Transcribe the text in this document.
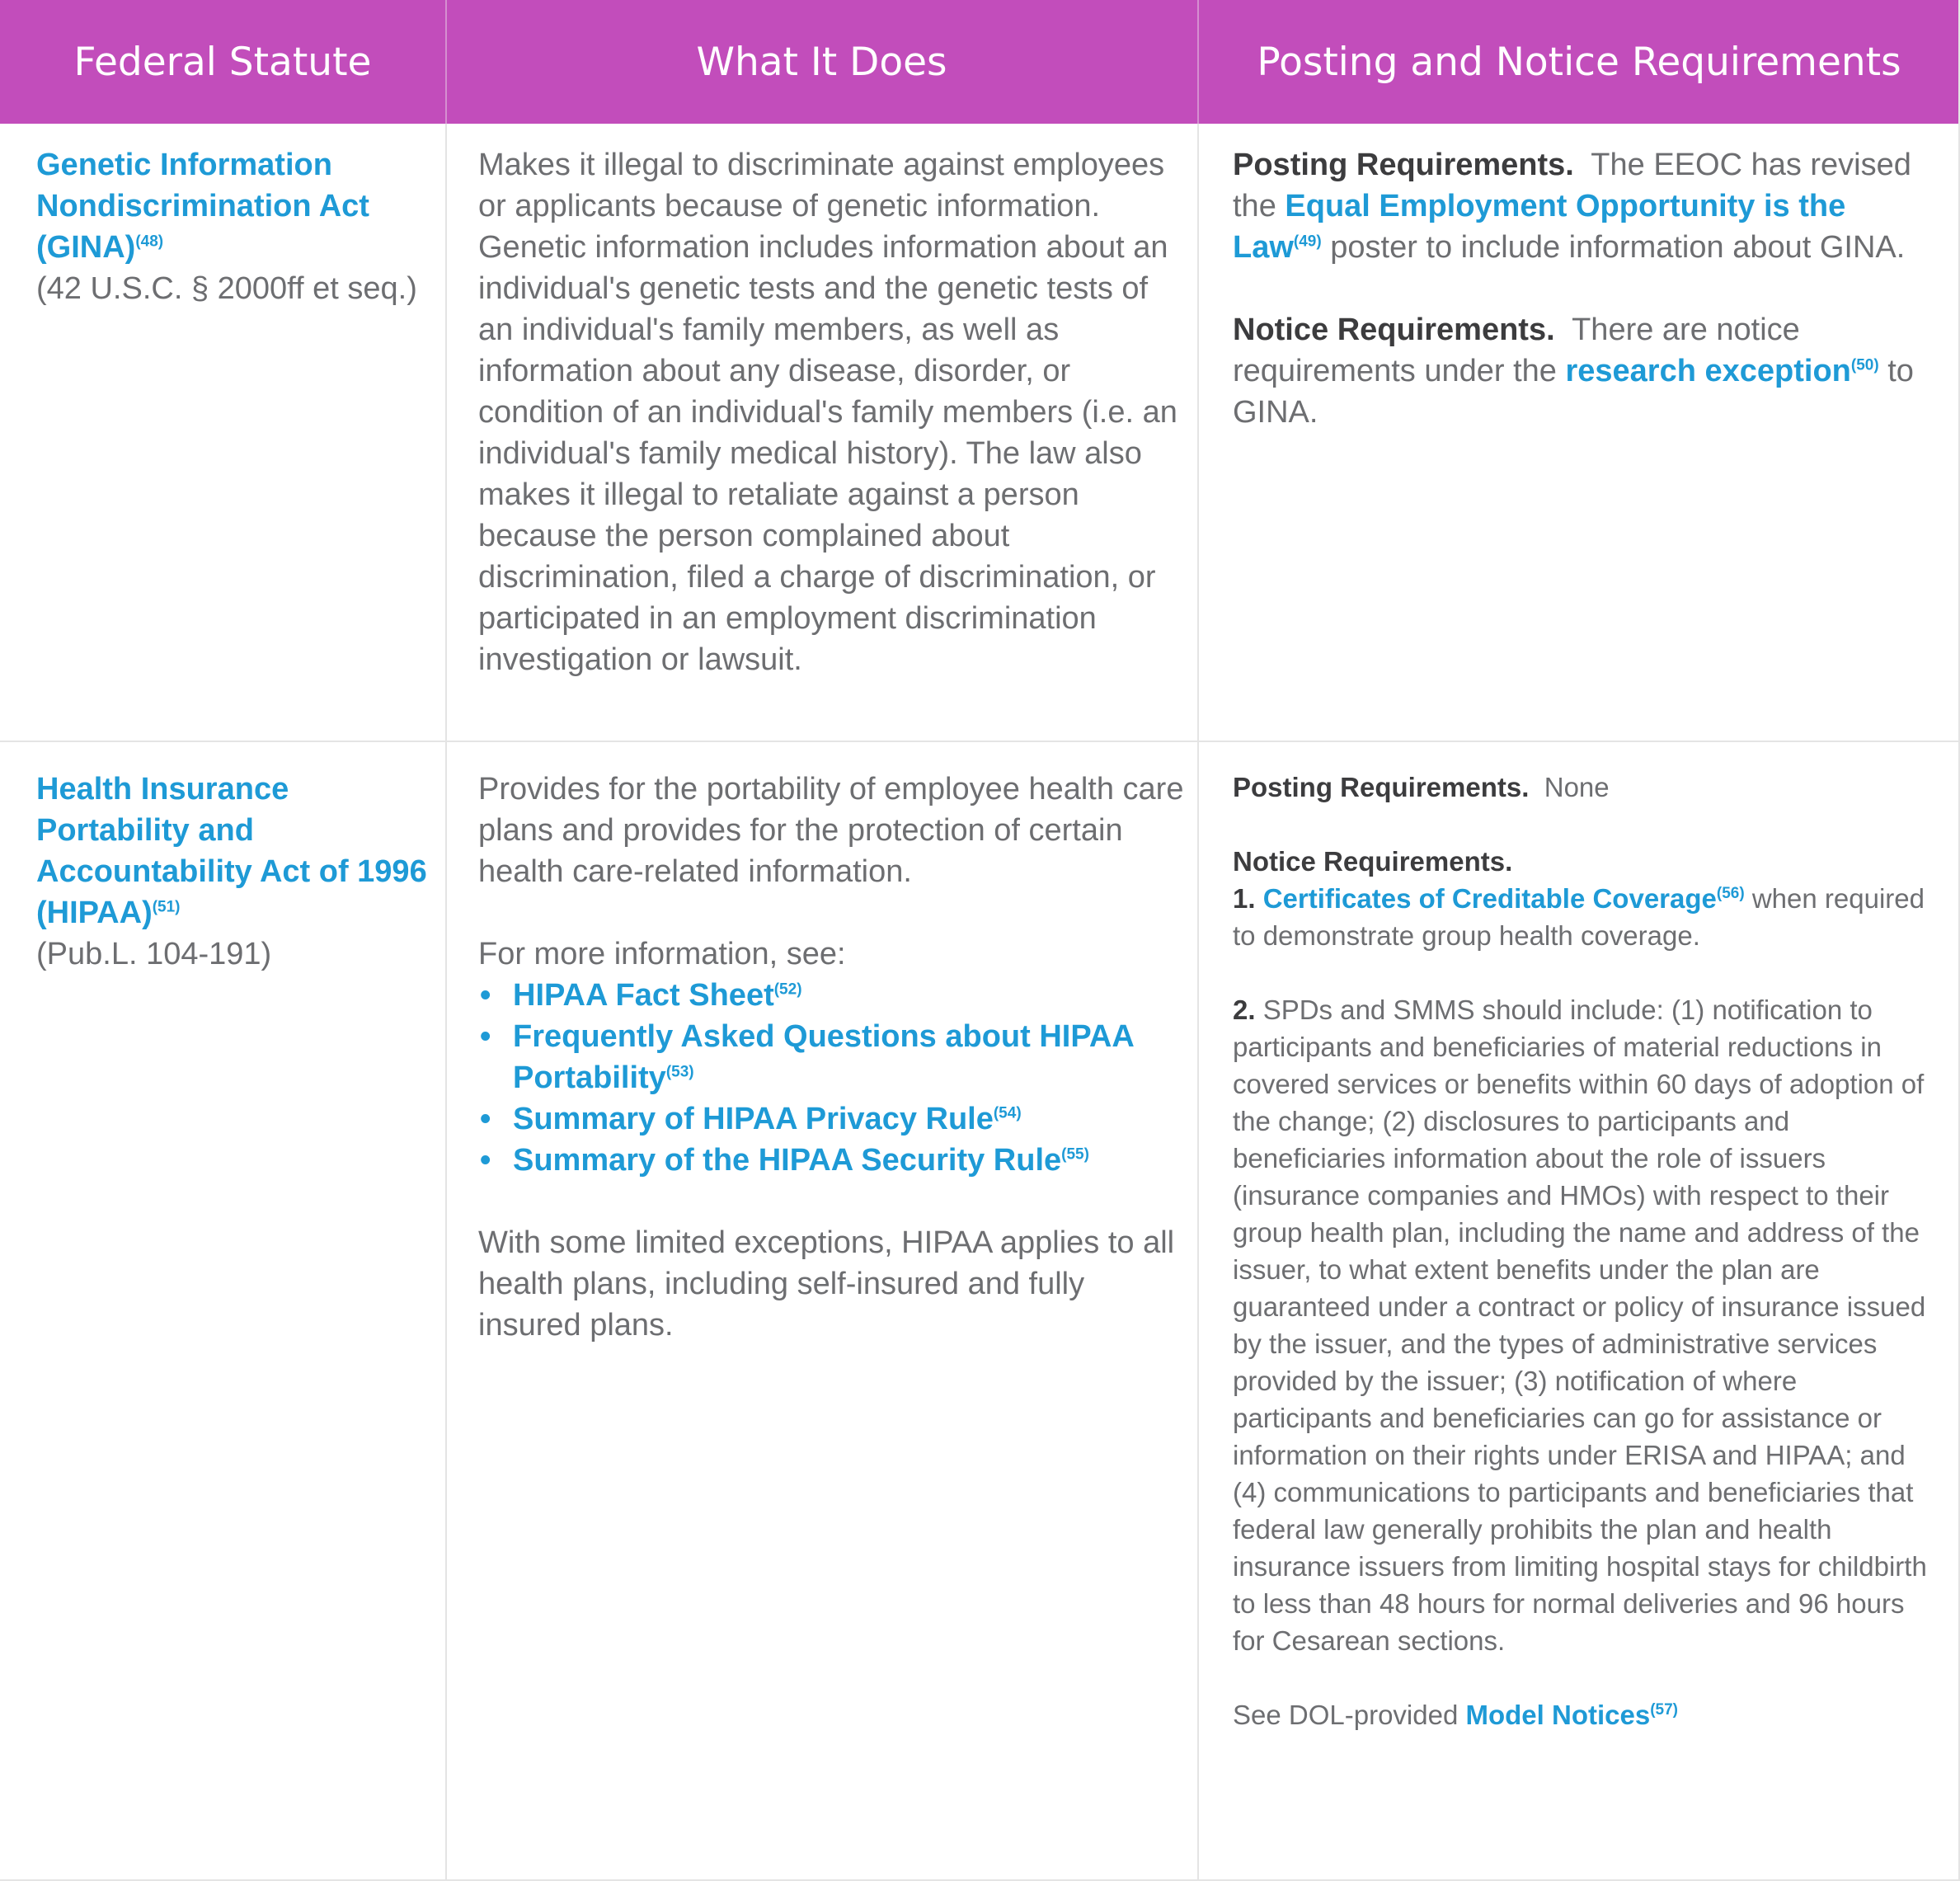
Federal Statute	What It Does	Posting and Notice Requirements

Genetic Information Nondiscrimination Act (GINA)$^{(48)}$

(42 U.S.C. § 2000ff et seq.)

Makes it illegal to discriminate against employees or applicants because of genetic information. Genetic information includes information about an individual's genetic tests and the genetic tests of an individual's family members, as well as information about any disease, disorder, or condition of an individual's family members (i.e. an individual's family medical history). The law also makes it illegal to retaliate against a person because the person complained about discrimination, filed a charge of discrimination, or participated in an employment discrimination investigation or lawsuit.

Posting Requirements. The EEOC has revised the Equal Employment Opportunity is the Law$^{(49)}$ poster to include information about GINA.

Notice Requirements. There are notice requirements under the research exception$^{(50)}$ to GINA.

Health Insurance Portability and Accountability Act of 1996 (HIPAA)$^{(51)}$

(Pub.L. 104-191)

Provides for the portability of employee health care plans and provides for the protection of certain health care-related information.

For more information, see:

• HIPAA Fact Sheet$^{(52)}$
• Frequently Asked Questions about HIPAA Portability$^{(53)}$
• Summary of HIPAA Privacy Rule$^{(54)}$
• Summary of the HIPAA Security Rule$^{(55)}$

With some limited exceptions, HIPAA applies to all health plans, including self-insured and fully insured plans.

Posting Requirements. None

Notice Requirements.

1. Certificates of Creditable Coverage$^{(56)}$ when required to demonstrate group health coverage.

2. SPDs and SMMS should include: (1) notification to participants and beneficiaries of material reductions in covered services or benefits within 60 days of adoption of the change; (2) disclosures to participants and beneficiaries information about the role of issuers (insurance companies and HMOs) with respect to their group health plan, including the name and address of the issuer, to what extent benefits under the plan are guaranteed under a contract or policy of insurance issued by the issuer, and the types of administrative services provided by the issuer; (3) notification of where participants and beneficiaries can go for assistance or information on their rights under ERISA and HIPAA; and (4) communications to participants and beneficiaries that federal law generally prohibits the plan and health insurance issuers from limiting hospital stays for childbirth to less than 48 hours for normal deliveries and 96 hours for Cesarean sections.

See DOL-provided Model Notices$^{(57)}$
